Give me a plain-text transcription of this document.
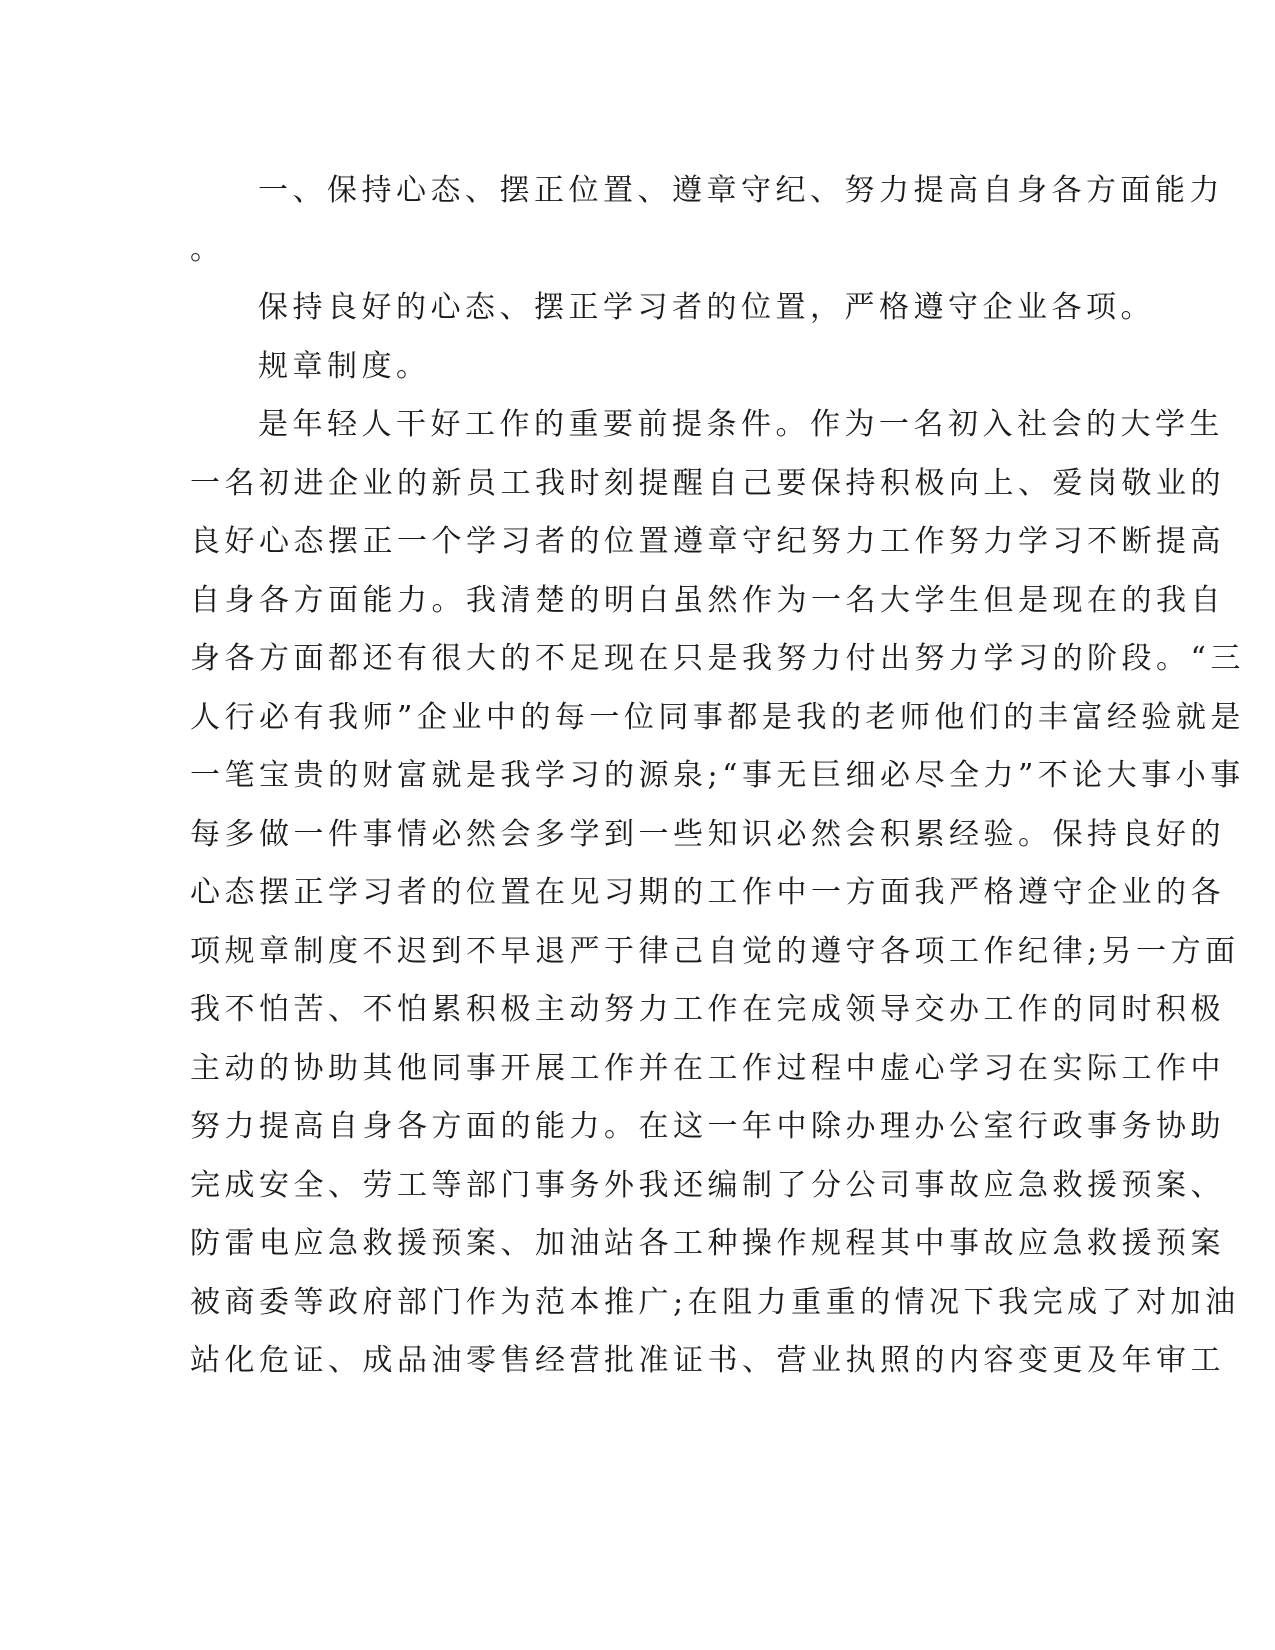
一、保持心态、摆正位置、遵章守纪、努力提高自身各方面能力
。
保持良好的心态、摆正学习者的位置，严格遵守企业各项。
规章制度。
是年轻人干好工作的重要前提条件。作为一名初入社会的大学生
一名初进企业的新员工我时刻提醒自己要保持积极向上、爱岗敬业的
良好心态摆正一个学习者的位置遵章守纪努力工作努力学习不断提高
自身各方面能力。我清楚的明白虽然作为一名大学生但是现在的我自
身各方面都还有很大的不足现在只是我努力付出努力学习的阶段。“三
人行必有我师”企业中的每一位同事都是我的老师他们的丰富经验就是
一笔宝贵的财富就是我学习的源泉;“事无巨细必尽全力”不论大事小事
每多做一件事情必然会多学到一些知识必然会积累经验。保持良好的
心态摆正学习者的位置在见习期的工作中一方面我严格遵守企业的各
项规章制度不迟到不早退严于律己自觉的遵守各项工作纪律;另一方面
我不怕苦、不怕累积极主动努力工作在完成领导交办工作的同时积极
主动的协助其他同事开展工作并在工作过程中虚心学习在实际工作中
努力提高自身各方面的能力。在这一年中除办理办公室行政事务协助
完成安全、劳工等部门事务外我还编制了分公司事故应急救援预案、
防雷电应急救援预案、加油站各工种操作规程其中事故应急救援预案
被商委等政府部门作为范本推广;在阻力重重的情况下我完成了对加油
站化危证、成品油零售经营批准证书、营业执照的内容变更及年审工
